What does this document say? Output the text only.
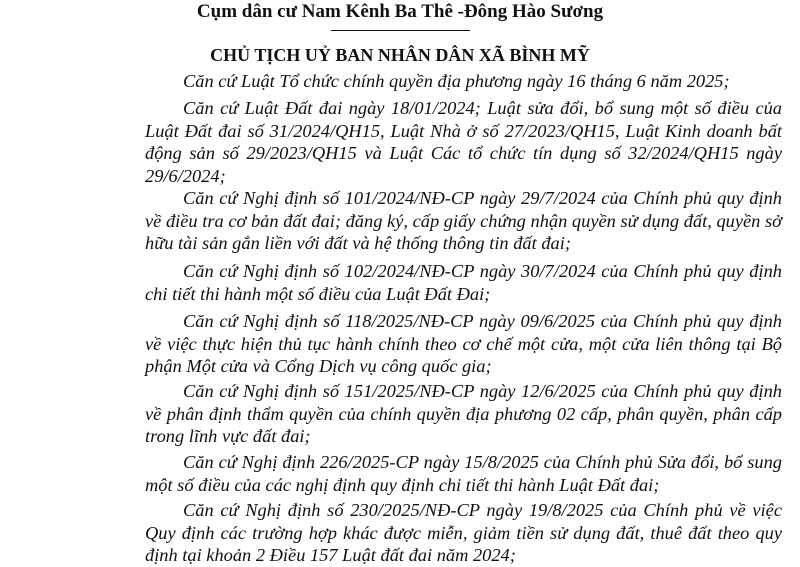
Cụm dân cư Nam Kênh Ba Thê -Đông Hào Sương
CHỦ TỊCH UỶ BAN NHÂN DÂN XÃ BÌNH MỸ

Căn cứ Luật Tổ chức chính quyền địa phương ngày 16 tháng 6 năm 2025;

Căn cứ Luật Đất đai ngày 18/01/2024; Luật sửa đổi, bổ sung một số điều của Luật Đất đai số 31/2024/QH15, Luật Nhà ở số 27/2023/QH15, Luật Kinh doanh bất động sản số 29/2023/QH15 và Luật Các tổ chức tín dụng số 32/2024/QH15 ngày 29/6/2024;

Căn cứ Nghị định số 101/2024/NĐ-CP ngày 29/7/2024 của Chính phủ quy định về điều tra cơ bản đất đai; đăng ký, cấp giấy chứng nhận quyền sử dụng đất, quyền sở hữu tài sản gắn liền với đất và hệ thống thông tin đất đai;

Căn cứ Nghị định số 102/2024/NĐ-CP ngày 30/7/2024 của Chính phủ quy định chi tiết thi hành một số điều của Luật Đất Đai;

Căn cứ Nghị định số 118/2025/NĐ-CP ngày 09/6/2025 của Chính phủ quy định về việc thực hiện thủ tục hành chính theo cơ chế một cửa, một cửa liên thông tại Bộ phận Một cửa và Cổng Dịch vụ công quốc gia;

Căn cứ Nghị định số 151/2025/NĐ-CP ngày 12/6/2025 của Chính phủ quy định về phân định thẩm quyền của chính quyền địa phương 02 cấp, phân quyền, phân cấp trong lĩnh vực đất đai;

Căn cứ Nghị định 226/2025-CP ngày 15/8/2025 của Chính phủ Sửa đổi, bổ sung một số điều của các nghị định quy định chi tiết thi hành Luật Đất đai;

Căn cứ Nghị định số 230/2025/NĐ-CP ngày 19/8/2025 của Chính phủ về việc Quy định các trường hợp khác được miễn, giảm tiền sử dụng đất, thuê đất theo quy định tại khoản 2 Điều 157 Luật đất đai năm 2024;
